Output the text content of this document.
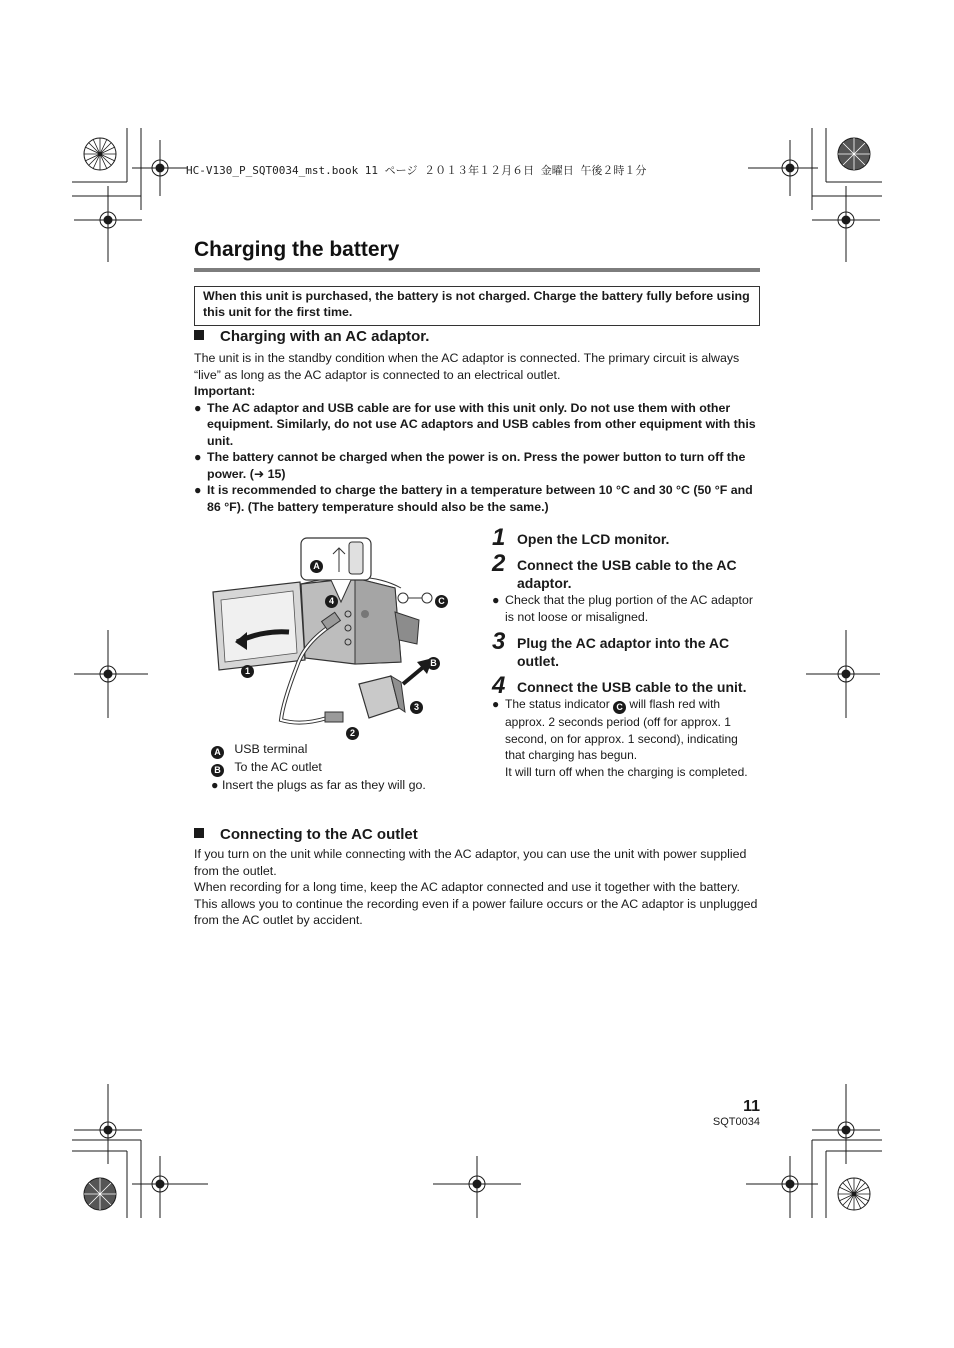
HC-V130_P_SQT0034_mst.book 11 ページ ２０１３年１２月６日 金曜日 午後２時１分
Charging the battery
When this unit is purchased, the battery is not charged. Charge the battery fully before using this unit for the first time.
Charging with an AC adaptor.
The unit is in the standby condition when the AC adaptor is connected. The primary circuit is always “live” as long as the AC adaptor is connected to an electrical outlet.
Important:
● The AC adaptor and USB cable are for use with this unit only. Do not use them with other equipment. Similarly, do not use AC adaptors and USB cables from other equipment with this unit.
● The battery cannot be charged when the power is on. Press the power button to turn off the power. (➜ 15)
● It is recommended to charge the battery in a temperature between 10 °C and 30 °C (50 °F and 86 °F). (The battery temperature should also be the same.)
A
B
C
1
2
3
4
A USB terminal
B To the AC outlet
● Insert the plugs as far as they will go.
1 Open the LCD monitor.
2 Connect the USB cable to the AC adaptor.
● Check that the plug portion of the AC adaptor is not loose or misaligned.
3 Plug the AC adaptor into the AC outlet.
4 Connect the USB cable to the unit.
● The status indicator C will flash red with approx. 2 seconds period (off for approx. 1 second, on for approx. 1 second), indicating that charging has begun.
It will turn off when the charging is completed.
Connecting to the AC outlet
If you turn on the unit while connecting with the AC adaptor, you can use the unit with power supplied from the outlet.
When recording for a long time, keep the AC adaptor connected and use it together with the battery. This allows you to continue the recording even if a power failure occurs or the AC adaptor is unplugged from the AC outlet by accident.
11
SQT0034
